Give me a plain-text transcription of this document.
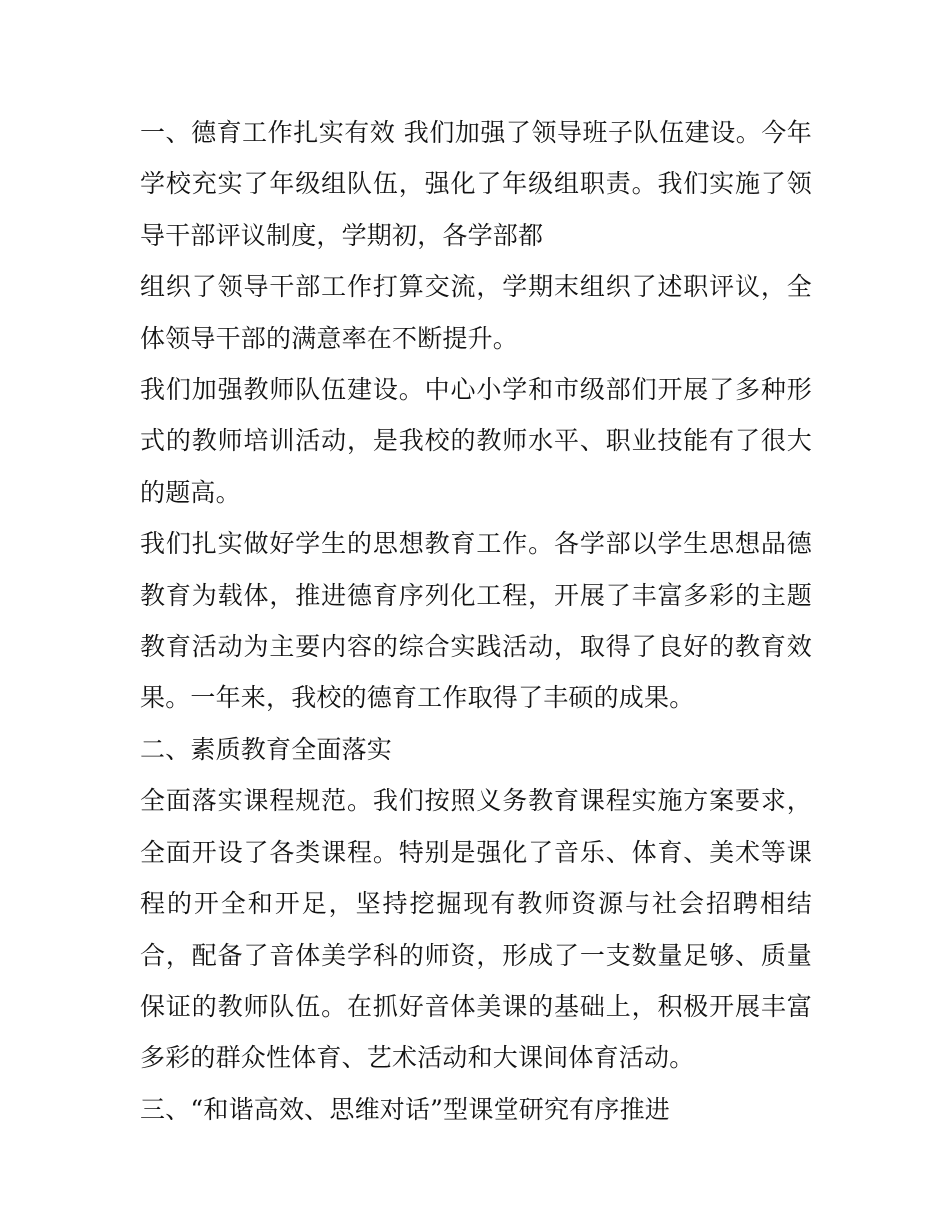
一、德育工作扎实有效 我们加强了领导班子队伍建设。今年学校充实了年级组队伍，强化了年级组职责。我们实施了领导干部评议制度，学期初，各学部都

组织了领导干部工作打算交流，学期末组织了述职评议，全体领导干部的满意率在不断提升。

我们加强教师队伍建设。中心小学和市级部们开展了多种形式的教师培训活动，是我校的教师水平、职业技能有了很大的题高。

我们扎实做好学生的思想教育工作。各学部以学生思想品德教育为载体，推进德育序列化工程，开展了丰富多彩的主题教育活动为主要内容的综合实践活动，取得了良好的教育效果。一年来，我校的德育工作取得了丰硕的成果。

二、素质教育全面落实

全面落实课程规范。我们按照义务教育课程实施方案要求，全面开设了各类课程。特别是强化了音乐、体育、美术等课程的开全和开足，坚持挖掘现有教师资源与社会招聘相结合，配备了音体美学科的师资，形成了一支数量足够、质量保证的教师队伍。在抓好音体美课的基础上，积极开展丰富多彩的群众性体育、艺术活动和大课间体育活动。

三、“和谐高效、思维对话”型课堂研究有序推进
